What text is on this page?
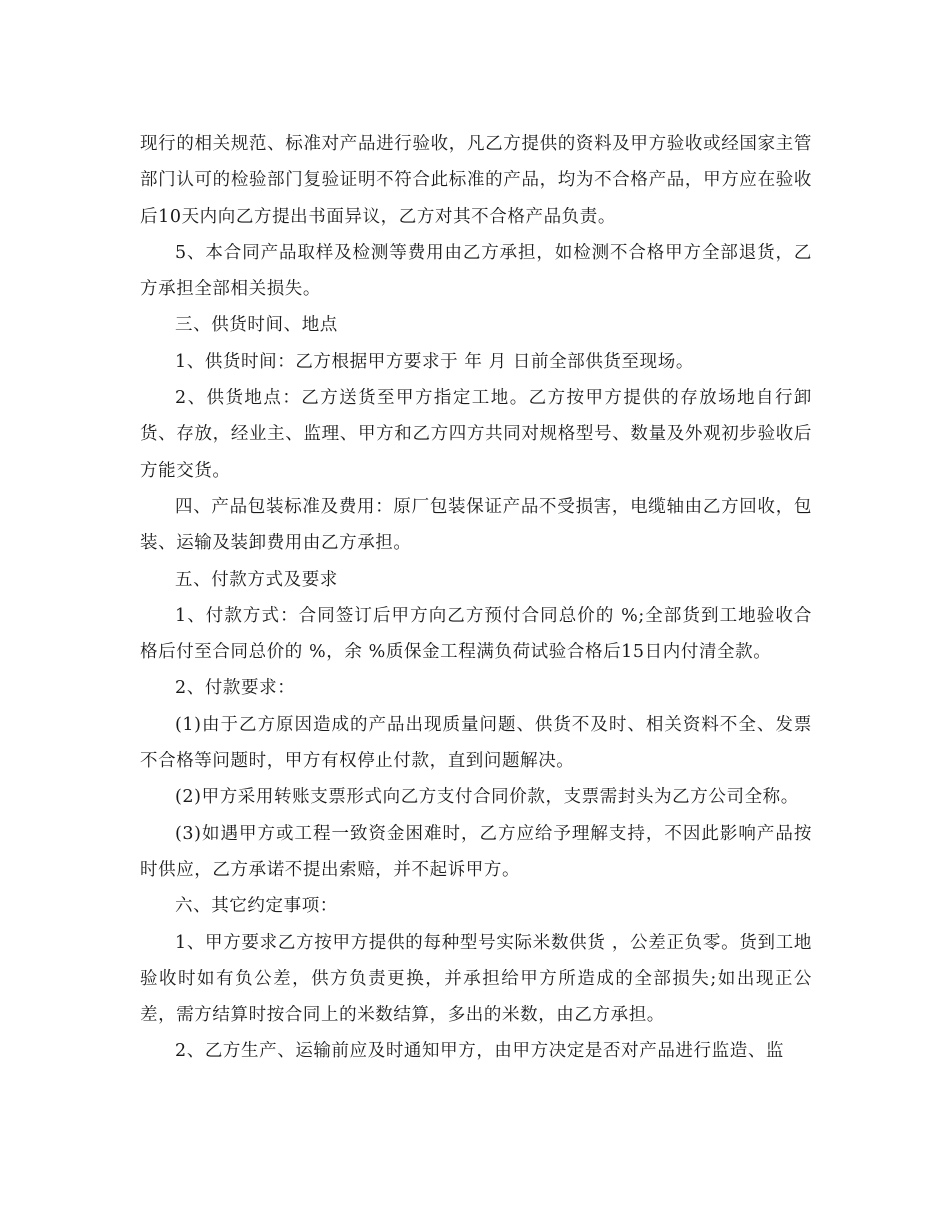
现行的相关规范、标准对产品进行验收，凡乙方提供的资料及甲方验收或经国家主管部门认可的检验部门复验证明不符合此标准的产品，均为不合格产品，甲方应在验收后10天内向乙方提出书面异议，乙方对其不合格产品负责。

5、本合同产品取样及检测等费用由乙方承担，如检测不合格甲方全部退货，乙方承担全部相关损失。

三、供货时间、地点

1、供货时间：乙方根据甲方要求于 年 月 日前全部供货至现场。

2、供货地点：乙方送货至甲方指定工地。乙方按甲方提供的存放场地自行卸货、存放，经业主、监理、甲方和乙方四方共同对规格型号、数量及外观初步验收后方能交货。

四、产品包装标准及费用：原厂包装保证产品不受损害，电缆轴由乙方回收，包装、运输及装卸费用由乙方承担。

五、付款方式及要求

1、付款方式：合同签订后甲方向乙方预付合同总价的 %;全部货到工地验收合格后付至合同总价的 %，余 %质保金工程满负荷试验合格后15日内付清全款。

2、付款要求：

(1)由于乙方原因造成的产品出现质量问题、供货不及时、相关资料不全、发票不合格等问题时，甲方有权停止付款，直到问题解决。

(2)甲方采用转账支票形式向乙方支付合同价款，支票需封头为乙方公司全称。

(3)如遇甲方或工程一致资金困难时，乙方应给予理解支持，不因此影响产品按时供应，乙方承诺不提出索赔，并不起诉甲方。

六、其它约定事项：

1、甲方要求乙方按甲方提供的每种型号实际米数供货 ，公差正负零。货到工地验收时如有负公差，供方负责更换，并承担给甲方所造成的全部损失;如出现正公差，需方结算时按合同上的米数结算，多出的米数，由乙方承担。

2、乙方生产、运输前应及时通知甲方，由甲方决定是否对产品进行监造、监
